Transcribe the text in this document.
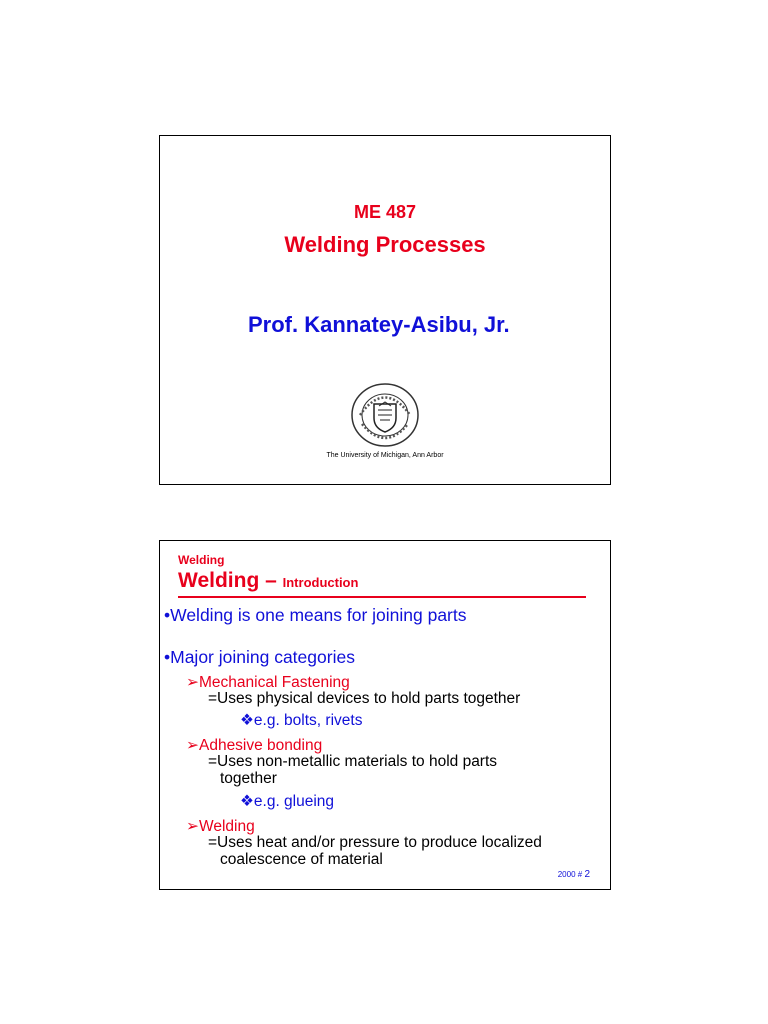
ME 487
Welding Processes
Prof. Kannatey-Asibu, Jr.
The University of Michigan, Ann Arbor
Welding
Welding – Introduction
•Welding is one means for joining parts
•Major joining categories
➢Mechanical Fastening
=Uses physical devices to hold parts together
❖e.g. bolts, rivets
➢Adhesive bonding
=Uses non-metallic materials to hold parts
together
❖e.g. glueing
➢Welding
=Uses heat and/or pressure to produce localized
coalescence of material
2000 # 2
